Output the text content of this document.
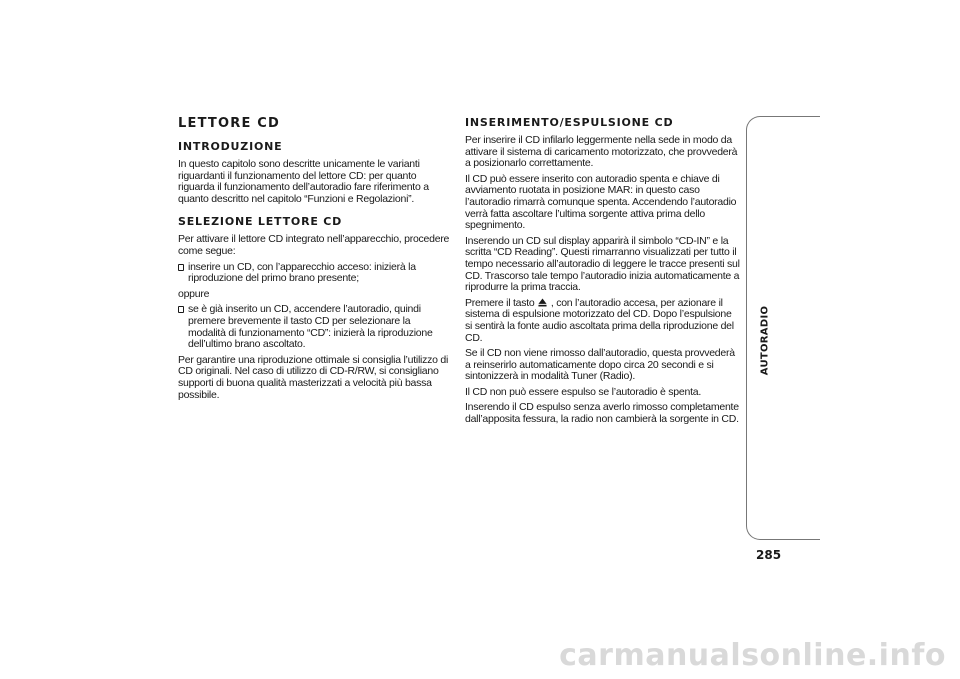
LETTORE CD
INTRODUZIONE
In questo capitolo sono descritte unicamente le varianti riguardanti il funzionamento del lettore CD: per quanto riguarda il funzionamento dell’autoradio fare riferimento a quanto descritto nel capitolo “Funzioni e Regolazioni”.
SELEZIONE LETTORE CD
Per attivare il lettore CD integrato nell’apparecchio, procedere come segue:
inserire un CD, con l’apparecchio acceso: inizierà la riproduzione del primo brano presente;
oppure
se è già inserito un CD, accendere l’autoradio, quindi premere brevemente il tasto CD per selezionare la modalità di funzionamento “CD”: inizierà la riproduzione dell’ultimo brano ascoltato.
Per garantire una riproduzione ottimale si consiglia l’utilizzo di CD originali. Nel caso di utilizzo di CD-R/RW, si consigliano supporti di buona qualità masterizzati a velocità più bassa possibile.
INSERIMENTO/ESPULSIONE CD
Per inserire il CD infilarlo leggermente nella sede in modo da attivare il sistema di caricamento motorizzato, che provvederà a posizionarlo correttamente.
Il CD può essere inserito con autoradio spenta e chiave di avviamento ruotata in posizione MAR: in questo caso l’autoradio rimarrà comunque spenta. Accendendo l’autoradio verrà fatta ascoltare l’ultima sorgente attiva prima dello spegnimento.
Inserendo un CD sul display apparirà il simbolo “CD-IN” e la scritta “CD Reading”. Questi rimarranno visualizzati per tutto il tempo necessario all’autoradio di leggere le tracce presenti sul CD. Trascorso tale tempo l’autoradio inizia automaticamente a riprodurre la prima traccia.
Premere il tasto , con l’autoradio accesa, per azionare il sistema di espulsione motorizzato del CD. Dopo l’espulsione si sentirà la fonte audio ascoltata prima della riproduzione del CD.
Se il CD non viene rimosso dall’autoradio, questa provvederà a reinserirlo automaticamente dopo circa 20 secondi e si sintonizzerà in modalità Tuner (Radio).
Il CD non può essere espulso se l’autoradio è spenta.
Inserendo il CD espulso senza averlo rimosso completamente dall’apposita fessura, la radio non cambierà la sorgente in CD.
AUTORADIO
285
carmanualsonline.info
